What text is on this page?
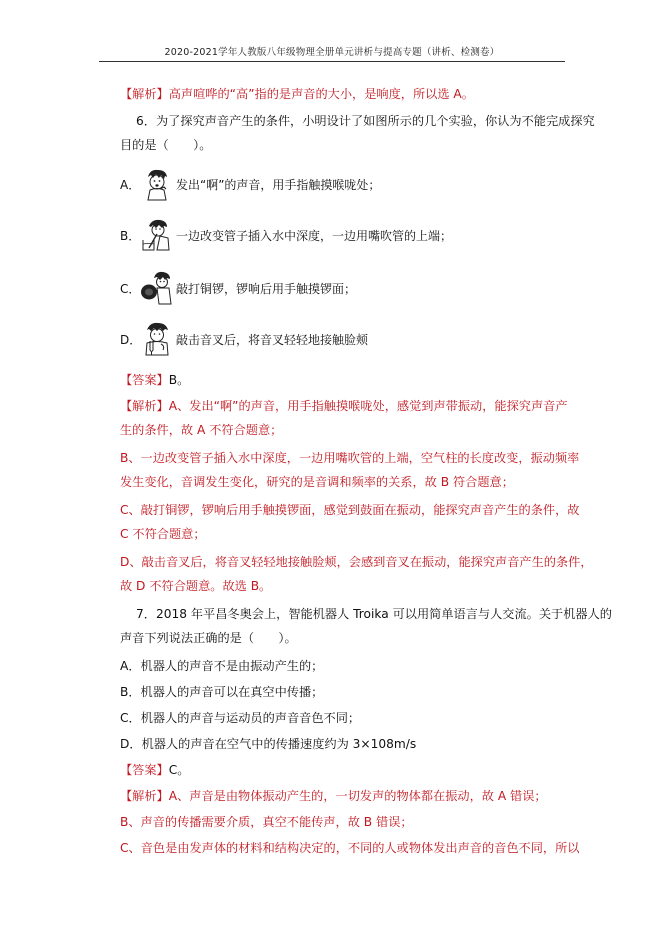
2020-2021学年人教版八年级物理全册单元讲析与提高专题（讲析、检测卷）
【解析】高声喧哗的“高”指的是声音的大小，是响度，所以选 A。
6．为了探究声音产生的条件，小明设计了如图所示的几个实验，你认为不能完成探究
目的是（　　）。
A．	发出“啊”的声音，用手指触摸喉咙处；
B．	一边改变管子插入水中深度，一边用嘴吹管的上端；
C．	敲打铜锣，锣响后用手触摸锣面；
D．	敲击音叉后，将音叉轻轻地接触脸颊
【答案】B。
【解析】A、发出“啊”的声音，用手指触摸喉咙处，感觉到声带振动，能探究声音产
生的条件，故 A 不符合题意；
B、一边改变管子插入水中深度，一边用嘴吹管的上端，空气柱的长度改变，振动频率
发生变化，音调发生变化，研究的是音调和频率的关系，故 B 符合题意；
C、敲打铜锣，锣响后用手触摸锣面，感觉到鼓面在振动，能探究声音产生的条件，故
C 不符合题意；
D、敲击音叉后，将音叉轻轻地接触脸颊，会感到音叉在振动，能探究声音产生的条件，
故 D 不符合题意。故选 B。
7．2018 年平昌冬奥会上，智能机器人 Troika 可以用简单语言与人交流。关于机器人的
声音下列说法正确的是（　　）。
A．机器人的声音不是由振动产生的；
B．机器人的声音可以在真空中传播；
C．机器人的声音与运动员的声音音色不同；
D．机器人的声音在空气中的传播速度约为 3×108m/s
【答案】C。
【解析】A、声音是由物体振动产生的，一切发声的物体都在振动，故 A 错误；
B、声音的传播需要介质，真空不能传声，故 B 错误；
C、音色是由发声体的材料和结构决定的，不同的人或物体发出声音的音色不同，所以
